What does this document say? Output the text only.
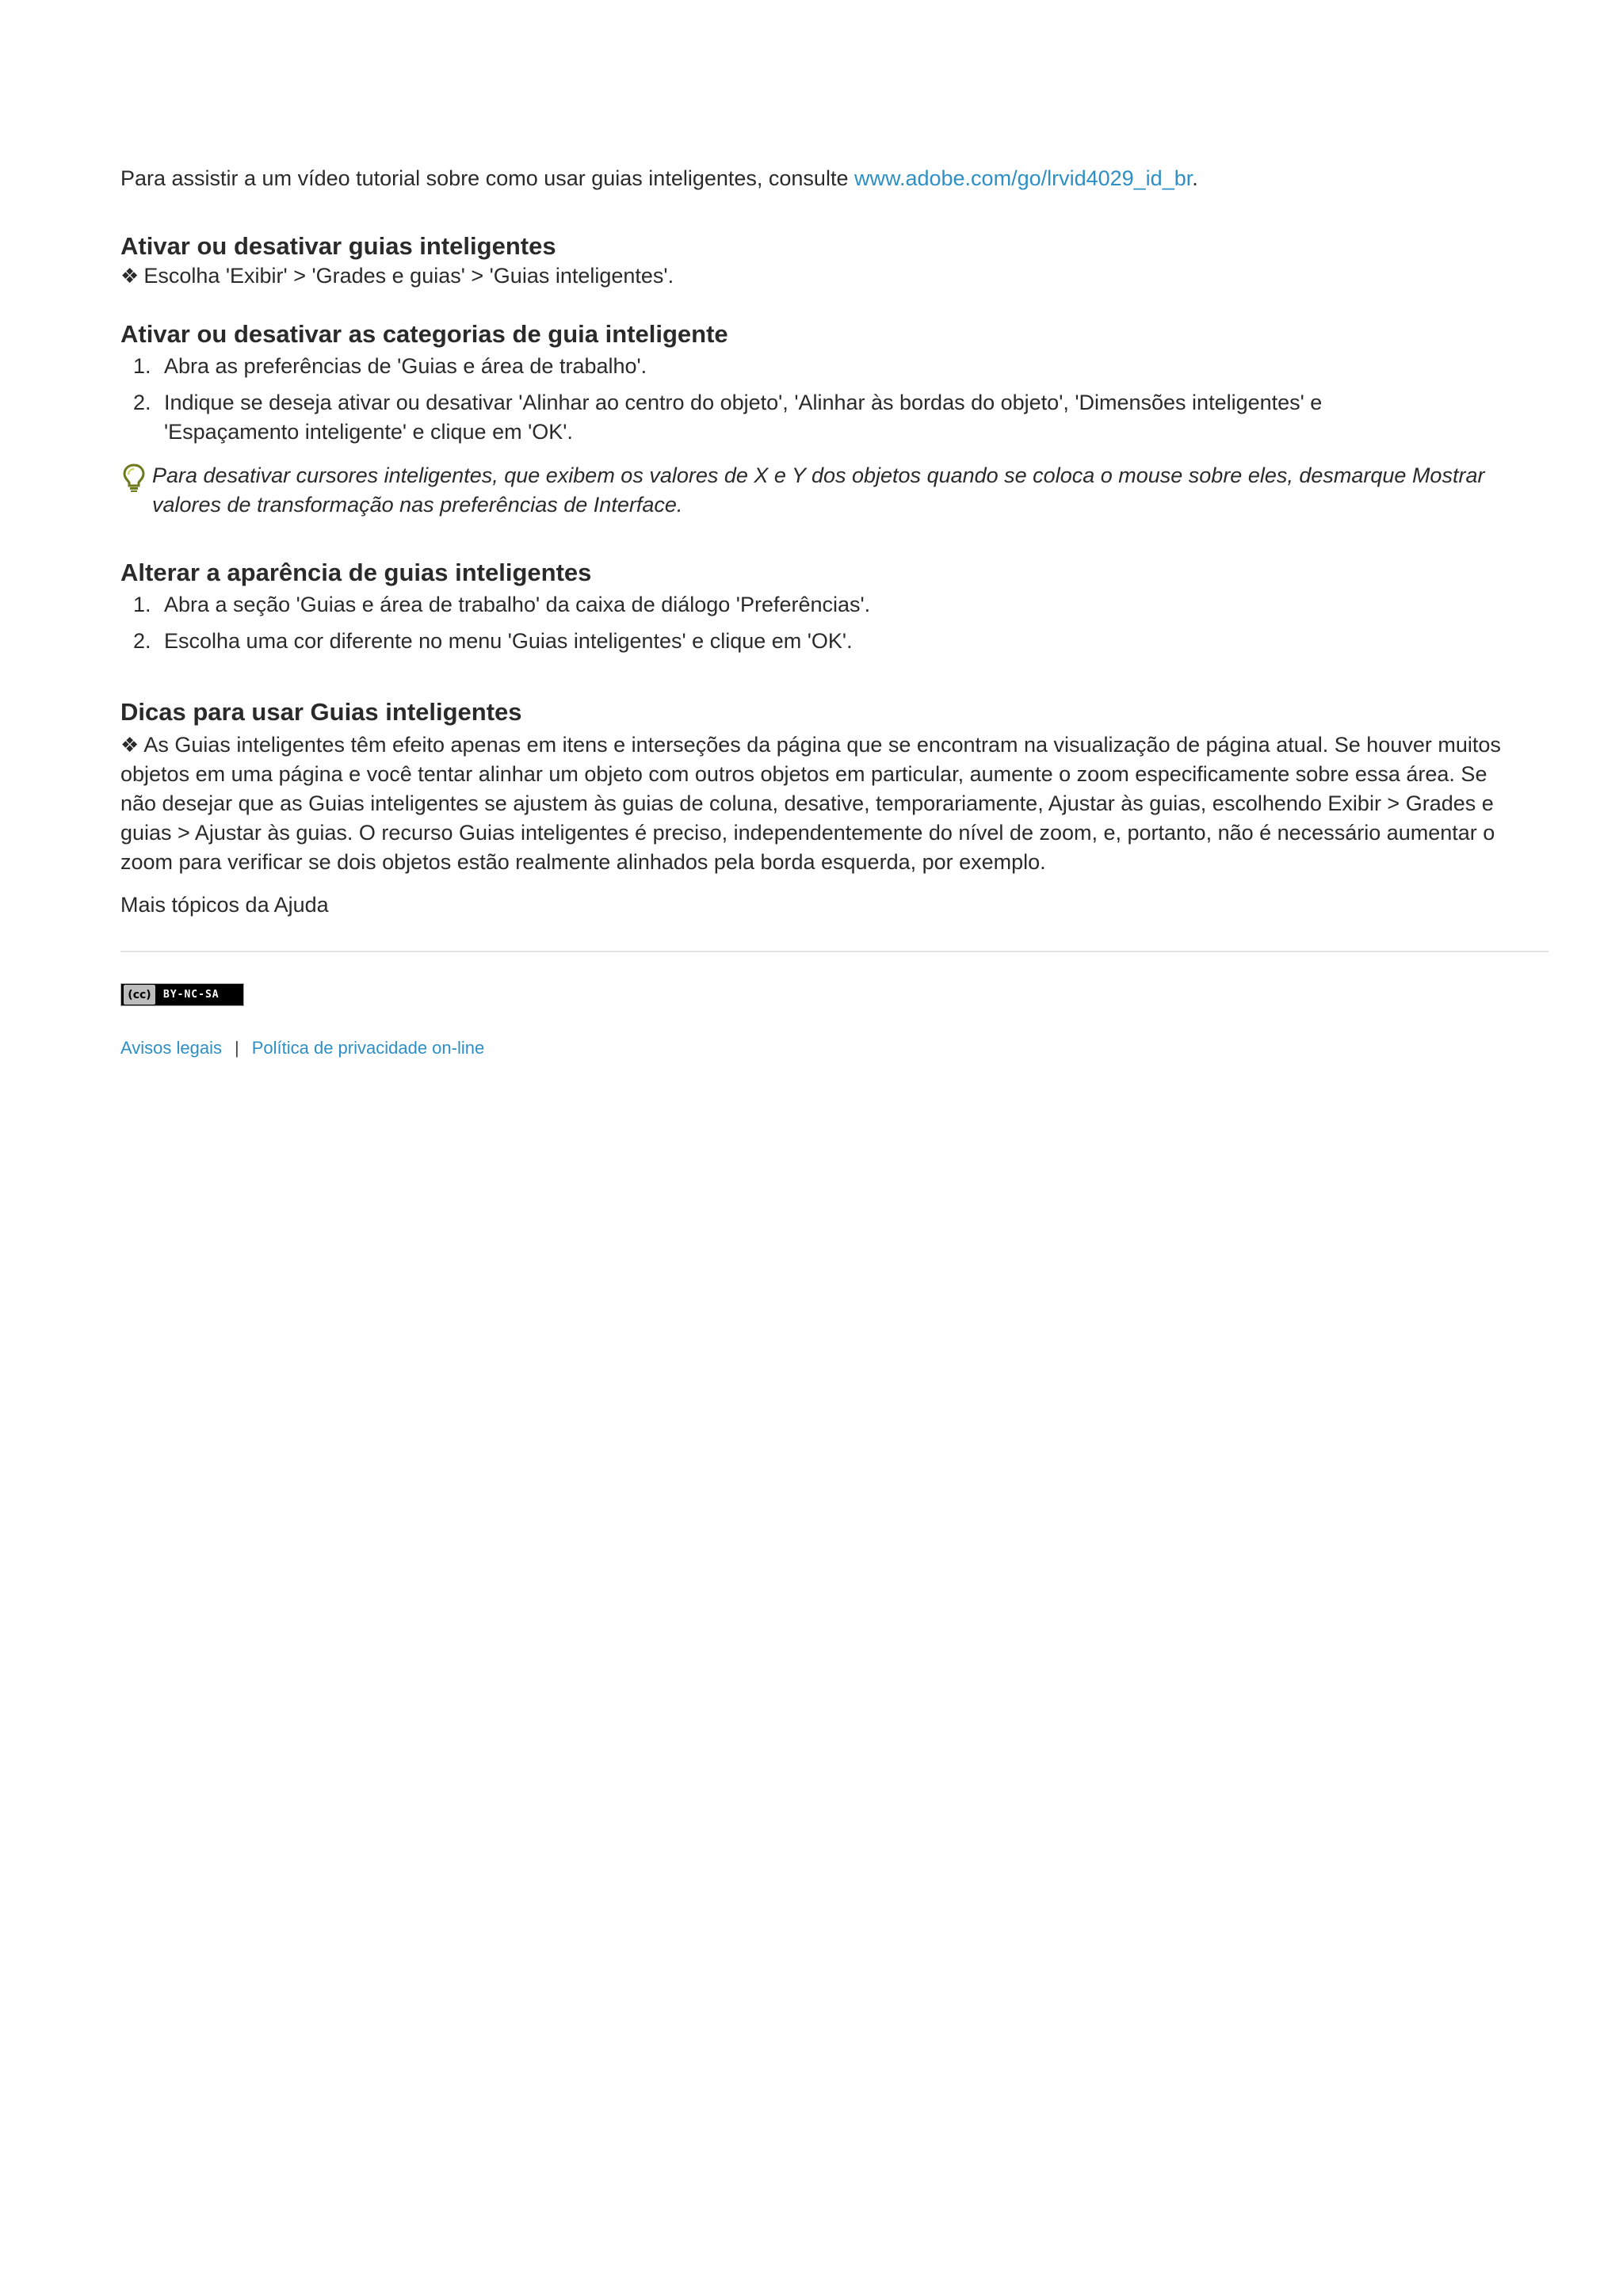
Para assistir a um vídeo tutorial sobre como usar guias inteligentes, consulte www.adobe.com/go/lrvid4029_id_br.

Ativar ou desativar guias inteligentes

❖ Escolha 'Exibir' > 'Grades e guias' > 'Guias inteligentes'.

Ativar ou desativar as categorias de guia inteligente
1. Abra as preferências de 'Guias e área de trabalho'.
2. Indique se deseja ativar ou desativar 'Alinhar ao centro do objeto', 'Alinhar às bordas do objeto', 'Dimensões inteligentes' e
'Espaçamento inteligente' e clique em 'OK'.
Para desativar cursores inteligentes, que exibem os valores de X e Y dos objetos quando se coloca o mouse sobre eles, desmarque Mostrar
valores de transformação nas preferências de Interface.
Alterar a aparência de guias inteligentes
1. Abra a seção 'Guias e área de trabalho' da caixa de diálogo 'Preferências'.
2. Escolha uma cor diferente no menu 'Guias inteligentes' e clique em 'OK'.
Dicas para usar Guias inteligentes
❖ As Guias inteligentes têm efeito apenas em itens e interseções da página que se encontram na visualização de página atual. Se houver muitos
objetos em uma página e você tentar alinhar um objeto com outros objetos em particular, aumente o zoom especificamente sobre essa área. Se
não desejar que as Guias inteligentes se ajustem às guias de coluna, desative, temporariamente, Ajustar às guias, escolhendo Exibir > Grades e
guias > Ajustar às guias. O recurso Guias inteligentes é preciso, independentemente do nível de zoom, e, portanto, não é necessário aumentar o
zoom para verificar se dois objetos estão realmente alinhados pela borda esquerda, por exemplo.

Mais tópicos da Ajuda

(cc)	BY-NC-SA
Avisos legais | Política de privacidade on-line
